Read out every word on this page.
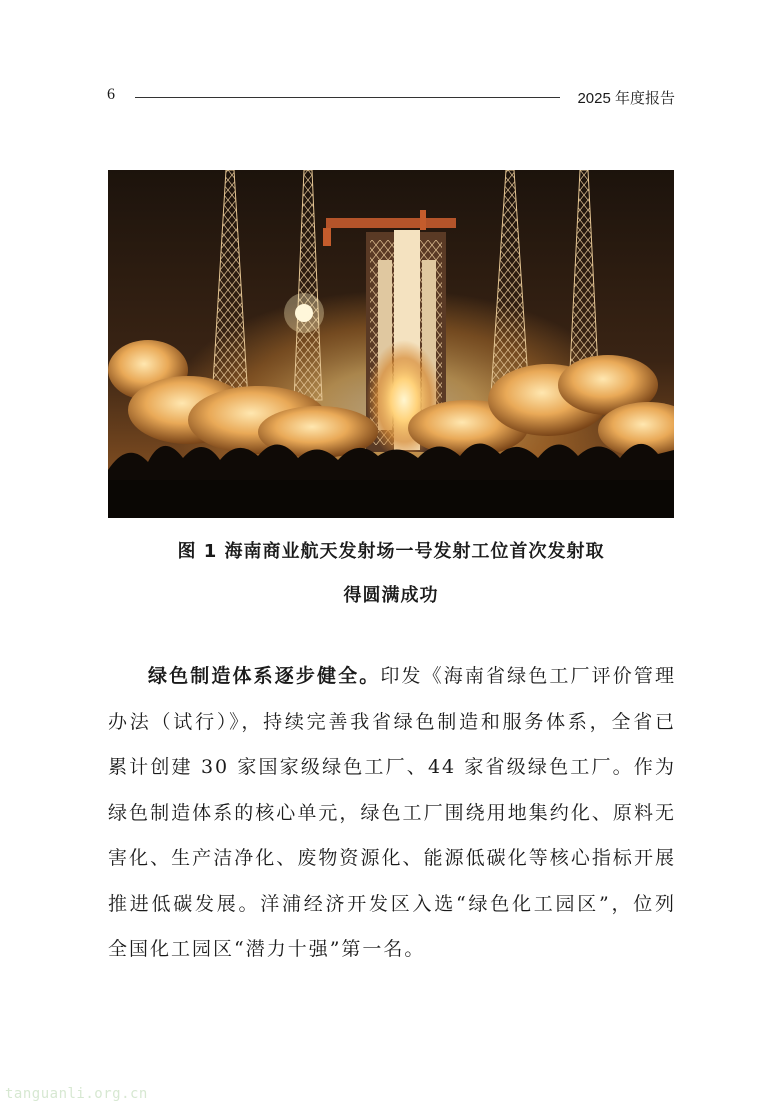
6	2025 年度报告
图 1 海南商业航天发射场一号发射工位首次发射取
得圆满成功

绿色制造体系逐步健全。印发《海南省绿色工厂评价管理办法（试行）》，持续完善我省绿色制造和服务体系，全省已累计创建 30 家国家级绿色工厂、44 家省级绿色工厂。作为绿色制造体系的核心单元，绿色工厂围绕用地集约化、原料无害化、生产洁净化、废物资源化、能源低碳化等核心指标开展推进低碳发展。洋浦经济开发区入选“绿色化工园区”，位列全国化工园区“潜力十强”第一名。

tanguanli.org.cn
